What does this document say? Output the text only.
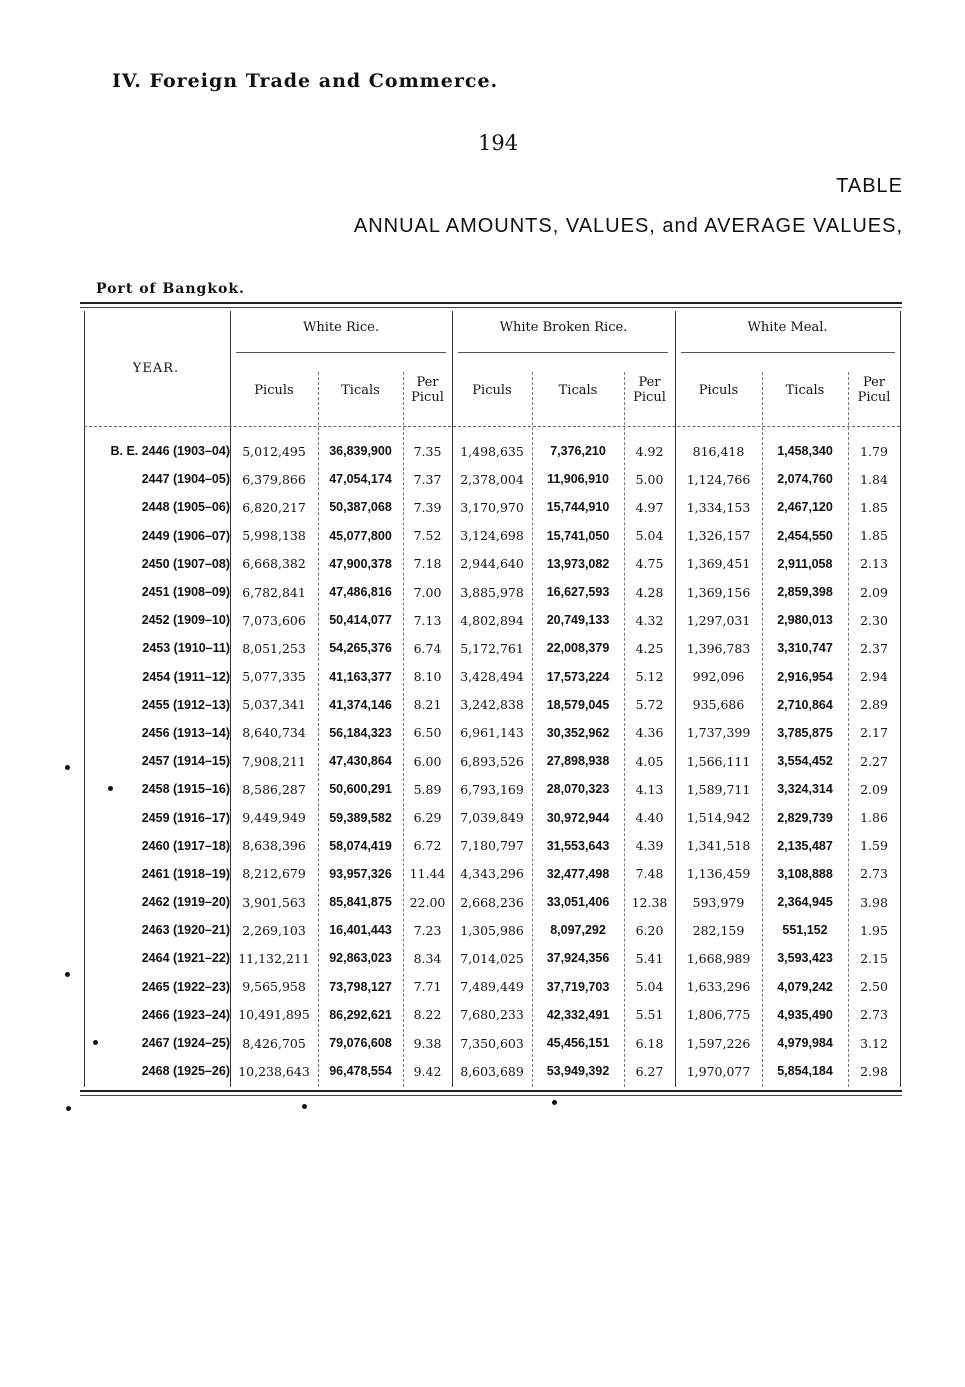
IV. Foreign Trade and Commerce.
194
TABLE
ANNUAL AMOUNTS, VALUES, and AVERAGE VALUES,
Port of Bangkok.
White Rice.	White Broken Rice.	White Meal.
YEAR.
Piculs	Ticals
Per
Picul	Piculs	Ticals
Per
Picul	Piculs	Ticals
Per
Picul
B. E. 2446 (1903–04)	5,012,495	36,839,900	7.35	1,498,635	7,376,210	4.92	816,418	1,458,340	1.79
2447 (1904–05)	6,379,866	47,054,174	7.37	2,378,004	11,906,910	5.00	1,124,766	2,074,760	1.84
2448 (1905–06)	6,820,217	50,387,068	7.39	3,170,970	15,744,910	4.97	1,334,153	2,467,120	1.85
2449 (1906–07)	5,998,138	45,077,800	7.52	3,124,698	15,741,050	5.04	1,326,157	2,454,550	1.85
2450 (1907–08)	6,668,382	47,900,378	7.18	2,944,640	13,973,082	4.75	1,369,451	2,911,058	2.13
2451 (1908–09)	6,782,841	47,486,816	7.00	3,885,978	16,627,593	4.28	1,369,156	2,859,398	2.09
2452 (1909–10)	7,073,606	50,414,077	7.13	4,802,894	20,749,133	4.32	1,297,031	2,980,013	2.30
2453 (1910–11)	8,051,253	54,265,376	6.74	5,172,761	22,008,379	4.25	1,396,783	3,310,747	2.37
2454 (1911–12)	5,077,335	41,163,377	8.10	3,428,494	17,573,224	5.12	992,096	2,916,954	2.94
2455 (1912–13)	5,037,341	41,374,146	8.21	3,242,838	18,579,045	5.72	935,686	2,710,864	2.89
2456 (1913–14)	8,640,734	56,184,323	6.50	6,961,143	30,352,962	4.36	1,737,399	3,785,875	2.17
2457 (1914–15)	7,908,211	47,430,864	6.00	6,893,526	27,898,938	4.05	1,566,111	3,554,452	2.27
2458 (1915–16)	8,586,287	50,600,291	5.89	6,793,169	28,070,323	4.13	1,589,711	3,324,314	2.09
2459 (1916–17)	9,449,949	59,389,582	6.29	7,039,849	30,972,944	4.40	1,514,942	2,829,739	1.86
2460 (1917–18)	8,638,396	58,074,419	6.72	7,180,797	31,553,643	4.39	1,341,518	2,135,487	1.59
2461 (1918–19)	8,212,679	93,957,326	11.44	4,343,296	32,477,498	7.48	1,136,459	3,108,888	2.73
2462 (1919–20)	3,901,563	85,841,875	22.00	2,668,236	33,051,406	12.38	593,979	2,364,945	3.98
2463 (1920–21)	2,269,103	16,401,443	7.23	1,305,986	8,097,292	6.20	282,159	551,152	1.95
2464 (1921–22)	11,132,211	92,863,023	8.34	7,014,025	37,924,356	5.41	1,668,989	3,593,423	2.15
2465 (1922–23)	9,565,958	73,798,127	7.71	7,489,449	37,719,703	5.04	1,633,296	4,079,242	2.50
2466 (1923–24)	10,491,895	86,292,621	8.22	7,680,233	42,332,491	5.51	1,806,775	4,935,490	2.73
2467 (1924–25)	8,426,705	79,076,608	9.38	7,350,603	45,456,151	6.18	1,597,226	4,979,984	3.12
2468 (1925–26)	10,238,643	96,478,554	9.42	8,603,689	53,949,392	6.27	1,970,077	5,854,184	2.98
